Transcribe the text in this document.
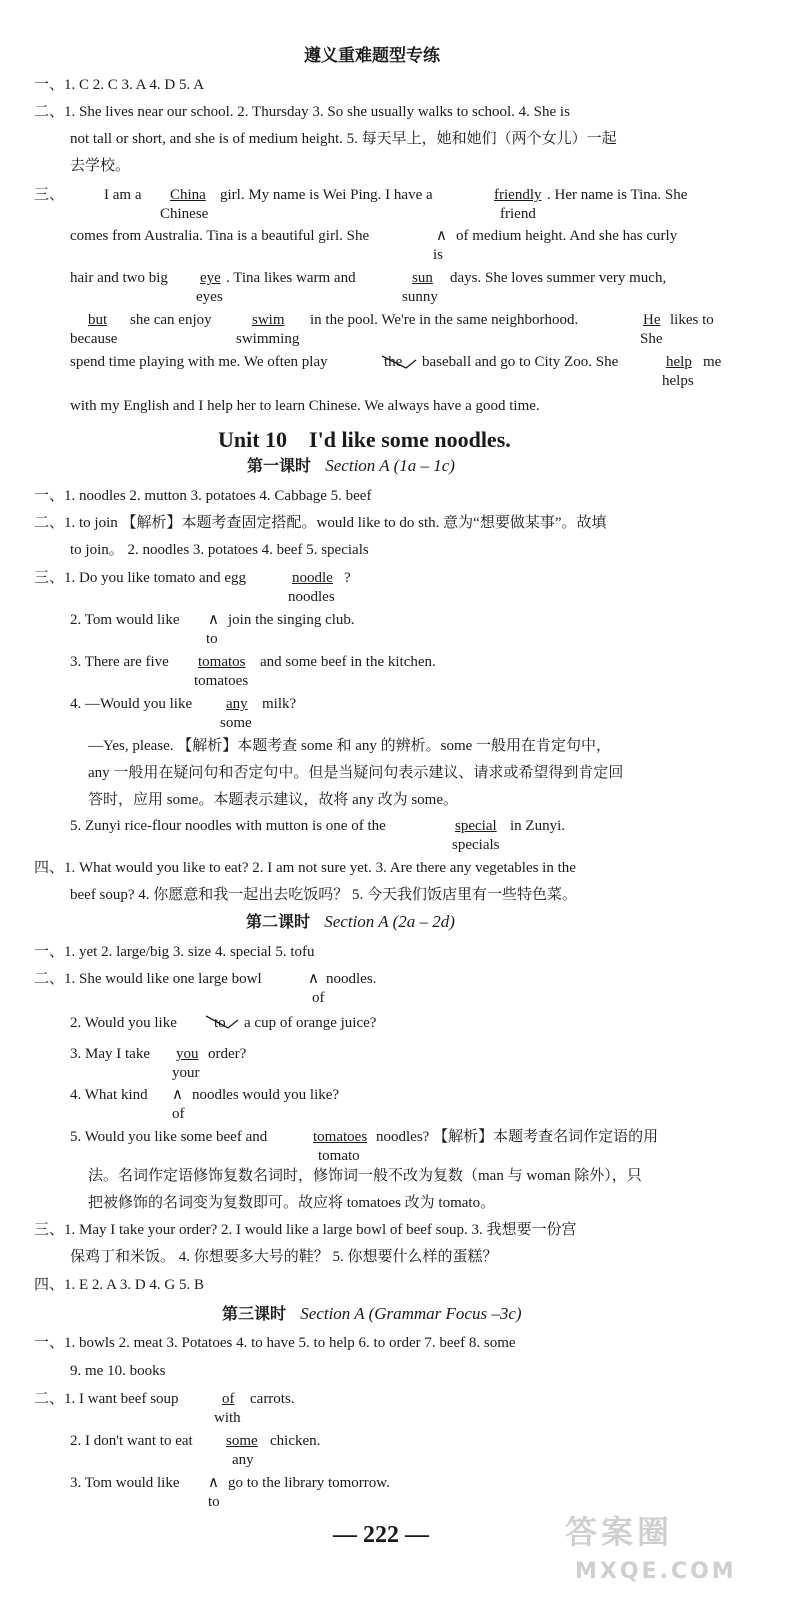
遵义重难题型专练
一、1. C 2. C 3. A 4. D 5. A
二、1. She lives near our school. 2. Thursday 3. So she usually walks to school. 4. She is
not tall or short, and she is of medium height. 5. 每天早上，她和她们（两个女儿）一起
去学校。
三、	I am a China girl. My name is Wei Ping. I have a	friendly . Her name is Tina. She
Chinese	friend
comes from Australia. Tina is a beautiful girl. She	∧ of medium height. And she has curly
is
hair and two big eye . Tina likes warm and	sun days. She loves summer very much,
eyes	sunny
but she can enjoy	swim in the pool. We're in the same neighborhood.	He likes to
because	swimming	She
spend time playing with me. We often play	the baseball and go to City Zoo. She	help me
helps
with my English and I help her to learn Chinese. We always have a good time.
Unit 10    I'd like some noodles.
第一课时 Section A (1a – 1c)
一、1. noodles 2. mutton 3. potatoes 4. Cabbage 5. beef
二、1. to join 【解析】本题考查固定搭配。would like to do sth. 意为“想要做某事”。故填
to join。 2. noodles 3. potatoes 4. beef 5. specials
三、1. Do you like tomato and egg	noodle ?
noodles
2. Tom would like ∧ join the singing club.
to
3. There are five tomatos and some beef in the kitchen.
tomatoes
4. —Would you like any milk?
some
—Yes, please. 【解析】本题考查 some 和 any 的辨析。some 一般用在肯定句中，
any 一般用在疑问句和否定句中。但是当疑问句表示建议、请求或希望得到肯定回
答时，应用 some。本题表示建议，故将 any 改为 some。
5. Zunyi rice-flour noodles with mutton is one of the	special in Zunyi.
specials
四、1. What would you like to eat? 2. I am not sure yet. 3. Are there any vegetables in the
beef soup? 4. 你愿意和我一起出去吃饭吗？ 5. 今天我们饭店里有一些特色菜。
第二课时 Section A (2a – 2d)
一、1. yet 2. large/big 3. size 4. special 5. tofu
二、1. She would like one large bowl	∧ noodles.
of
2. Would you like to a cup of orange juice?
3. May I take you order?
your
4. What kind ∧ noodles would you like?
of
5. Would you like some beef and	tomatoes noodles? 【解析】本题考查名词作定语的用
tomato
法。名词作定语修饰复数名词时，修饰词一般不改为复数（man 与 woman 除外），只
把被修饰的名词变为复数即可。故应将 tomatoes 改为 tomato。
三、1. May I take your order? 2. I would like a large bowl of beef soup. 3. 我想要一份宫
保鸡丁和米饭。 4. 你想要多大号的鞋？ 5. 你想要什么样的蛋糕？
四、1. E 2. A 3. D 4. G 5. B
第三课时 Section A (Grammar Focus –3c)
一、1. bowls 2. meat 3. Potatoes 4. to have 5. to help 6. to order 7. beef 8. some
9. me 10. books
二、1. I want beef soup	of carrots.
with
2. I don't want to eat some chicken.
any
3. Tom would like ∧ go to the library tomorrow.
to
— 222 —	答案圈
MXQE.COM
